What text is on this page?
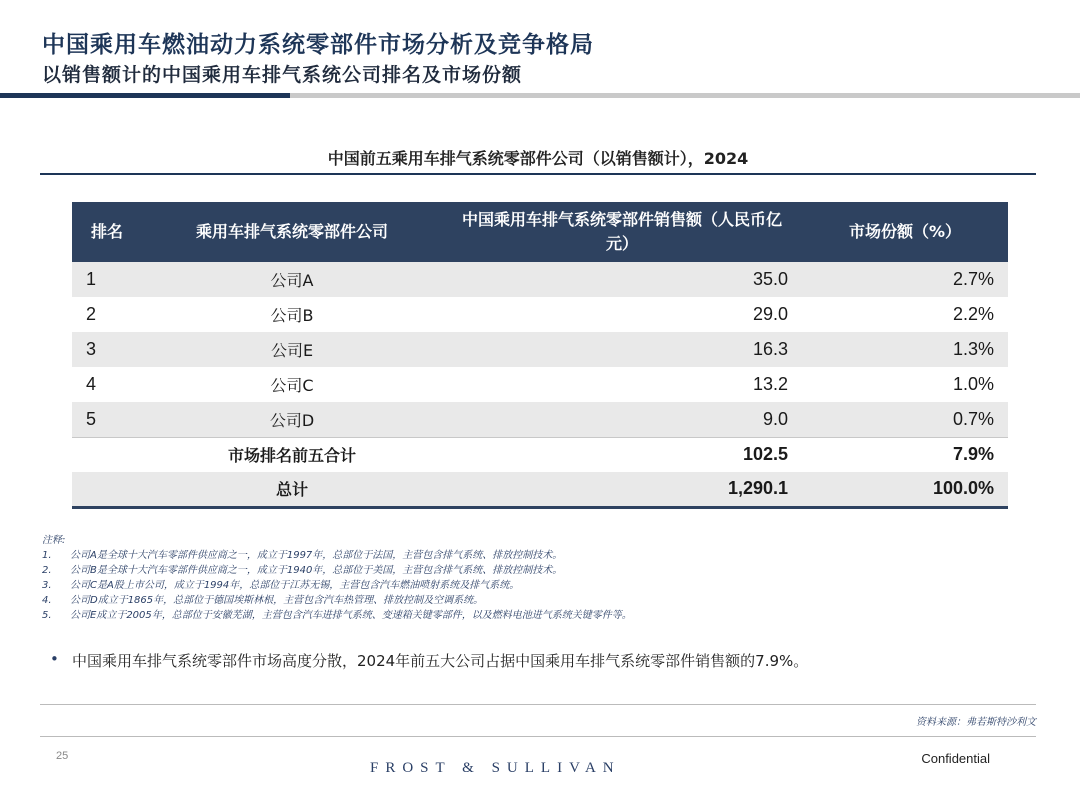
中国乘用车燃油动力系统零部件市场分析及竞争格局
以销售额计的中国乘用车排气系统公司排名及市场份额
中国前五乘用车排气系统零部件公司（以销售额计），2024
排名	乘用车排气系统零部件公司	中国乘用车排气系统零部件销售额（人民币亿元）	市场份额（%）
1	公司A	35.0	2.7%
2	公司B	29.0	2.2%
3	公司E	16.3	1.3%
4	公司C	13.2	1.0%
5	公司D	9.0	0.7%
	市场排名前五合计	102.5	7.9%
	总计	1,290.1	100.0%
注释:
1.	公司A是全球十大汽车零部件供应商之一，成立于1997年，总部位于法国，主营包含排气系统、排放控制技术。
2.	公司B是全球十大汽车零部件供应商之一，成立于1940年，总部位于美国，主营包含排气系统、排放控制技术。
3.	公司C是A股上市公司，成立于1994年，总部位于江苏无锡，主营包含汽车燃油喷射系统及排气系统。
4.	公司D成立于1865年，总部位于德国埃斯林根，主营包含汽车热管理、排放控制及空调系统。
5.	公司E成立于2005年，总部位于安徽芜湖，主营包含汽车进排气系统、变速箱关键零部件，以及燃料电池进气系统关键零件等。
• 中国乘用车排气系统零部件市场高度分散，2024年前五大公司占据中国乘用车排气系统零部件销售额的7.9%。
资料来源：弗若斯特沙利文
25
FROST & SULLIVAN
Confidential
